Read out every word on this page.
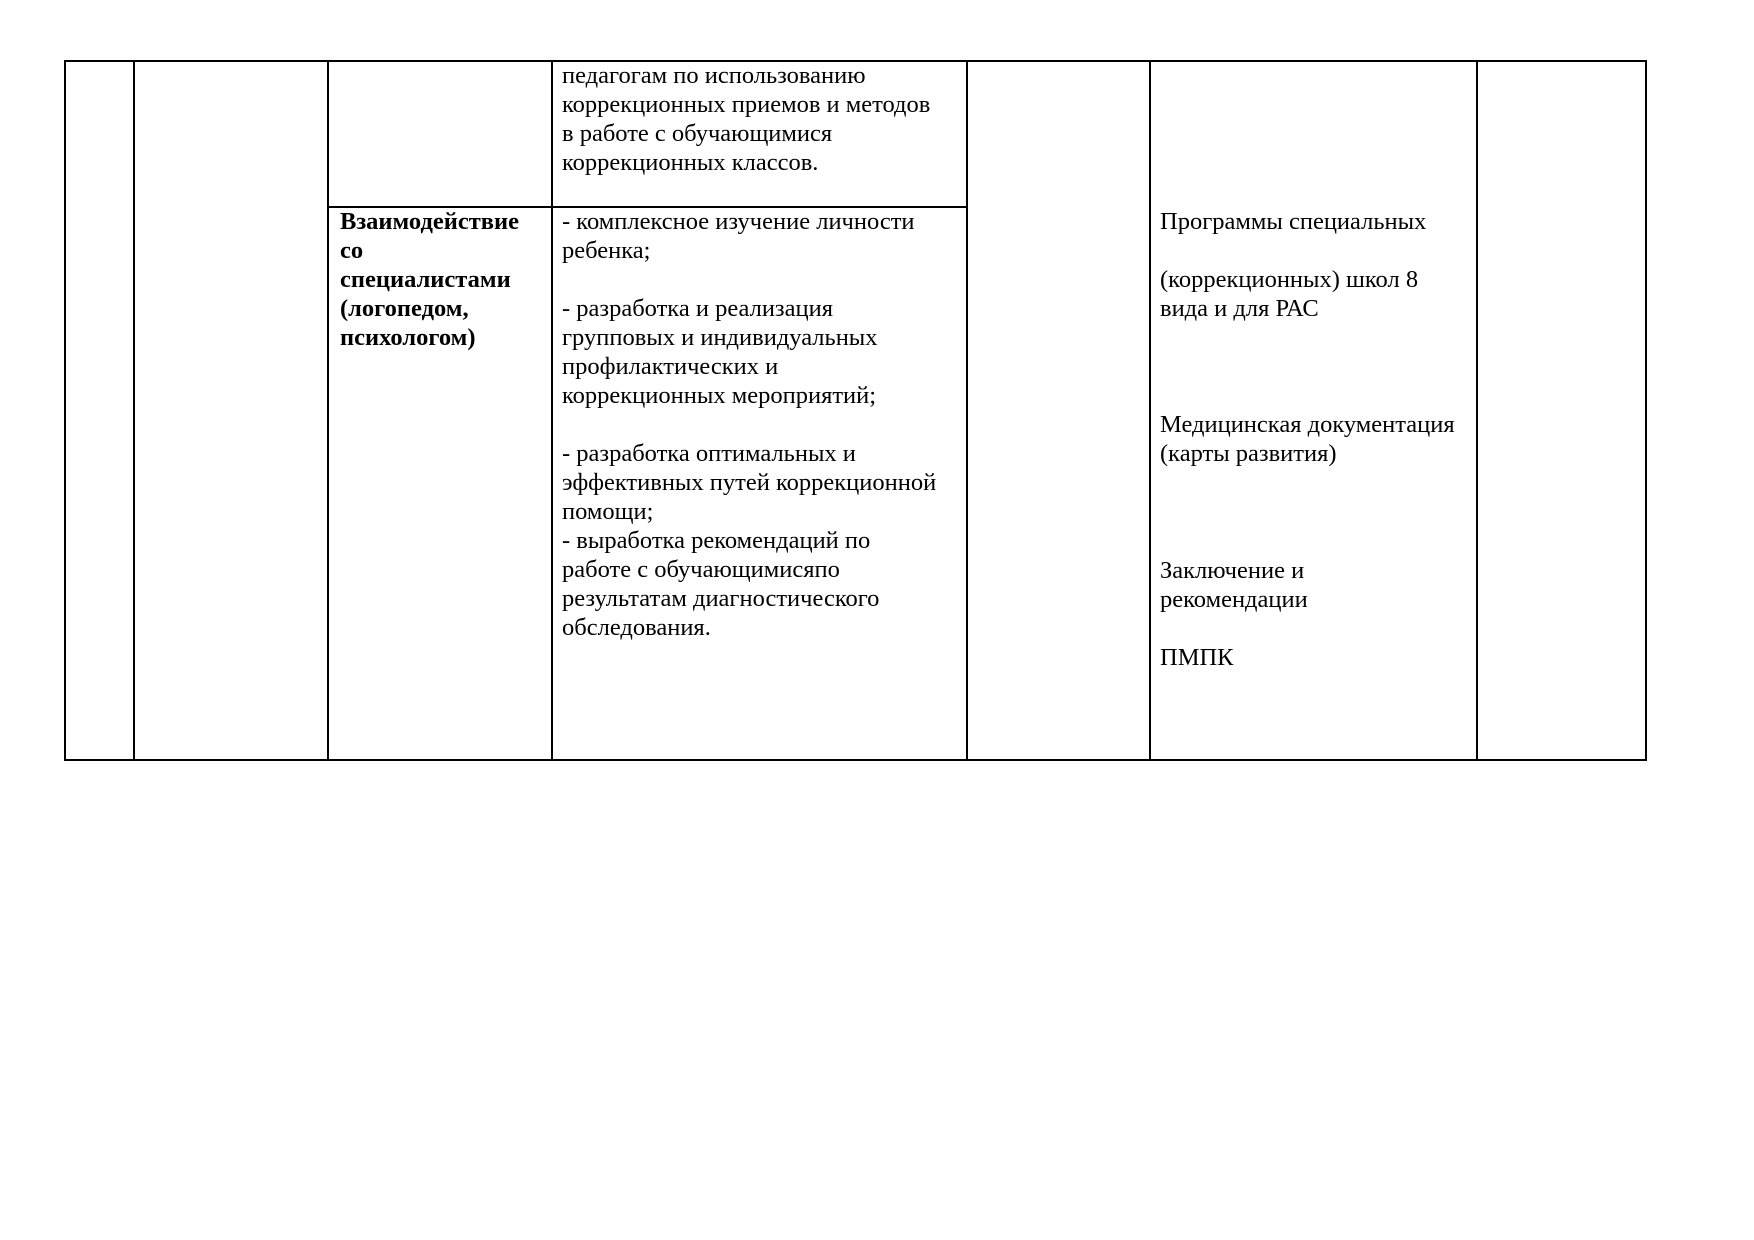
педагогам по использованию
коррекционных приемов и методов
в работе с обучающимися
коррекционных классов.
Взаимодействие
со
специалистами
(логопедом,
психологом)
- комплексное изучение личности
ребенка;

- разработка и реализация
групповых и индивидуальных
профилактических и
коррекционных мероприятий;

- разработка оптимальных и
эффективных путей коррекционной
помощи;
- выработка рекомендаций по
работе с обучающимисяпо
результатам диагностического
обследования.
Программы специальных

(коррекционных) школ 8
вида и для РАС
Медицинская документация
(карты развития)
Заключение и
рекомендации
ПМПК
